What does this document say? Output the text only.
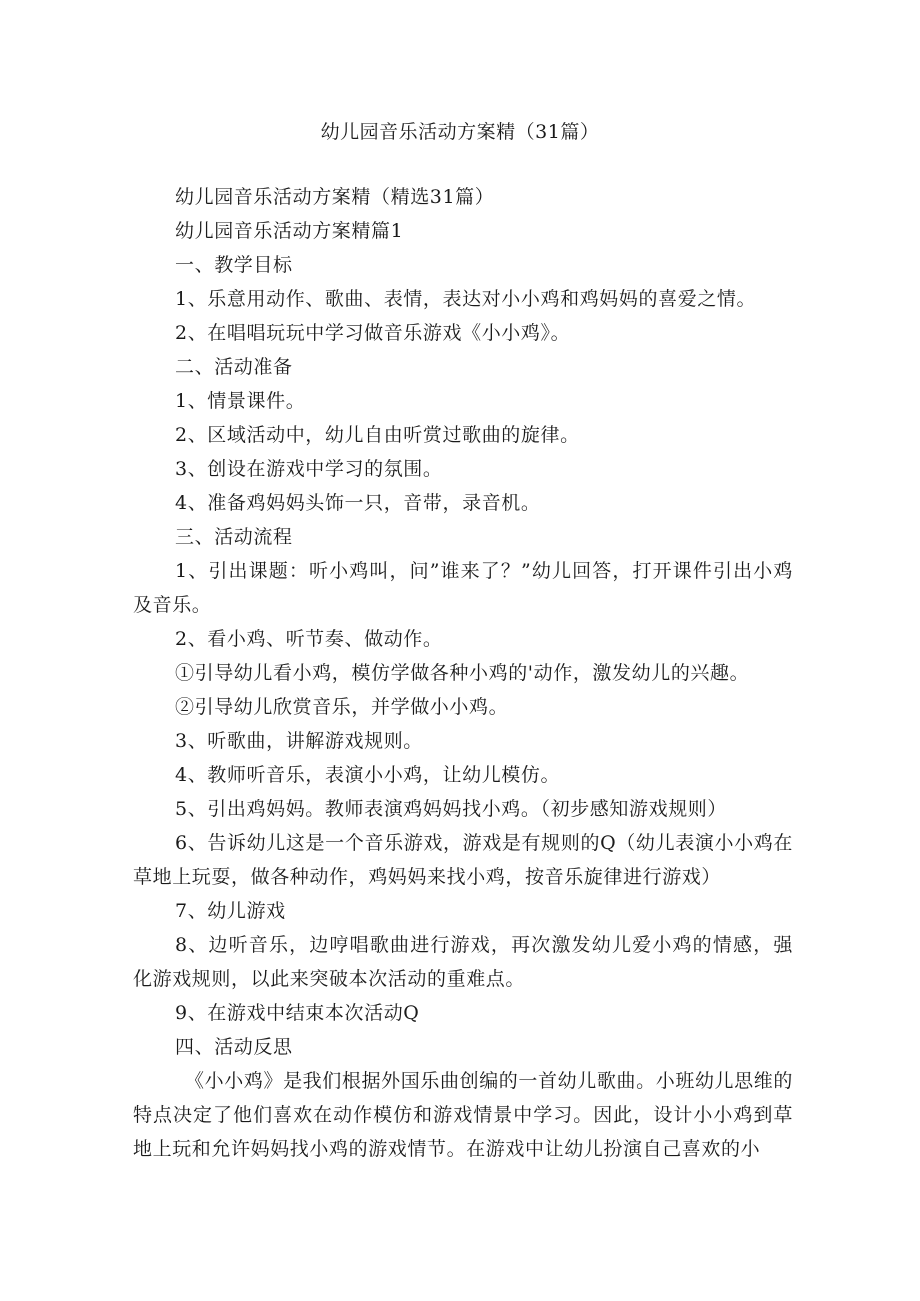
幼儿园音乐活动方案精（31篇）

幼儿园音乐活动方案精（精选31篇）

幼儿园音乐活动方案精篇1

一、教学目标

1、乐意用动作、歌曲、表情，表达对小小鸡和鸡妈妈的喜爱之情。

2、在唱唱玩玩中学习做音乐游戏《小小鸡》。

二、活动准备

1、情景课件。

2、区域活动中，幼儿自由听赏过歌曲的旋律。

3、创设在游戏中学习的氛围。

4、准备鸡妈妈头饰一只，音带，录音机。

三、活动流程

1、引出课题：听小鸡叫，问”谁来了？”幼儿回答，打开课件引出小鸡及音乐。

2、看小鸡、听节奏、做动作。

①引导幼儿看小鸡，模仿学做各种小鸡的'动作，激发幼儿的兴趣。

②引导幼儿欣赏音乐，并学做小小鸡。

3、听歌曲，讲解游戏规则。

4、教师听音乐，表演小小鸡，让幼儿模仿。

5、引出鸡妈妈。教师表演鸡妈妈找小鸡。（初步感知游戏规则）

6、告诉幼儿这是一个音乐游戏，游戏是有规则的Q（幼儿表演小小鸡在草地上玩耍，做各种动作，鸡妈妈来找小鸡，按音乐旋律进行游戏）

7、幼儿游戏

8、边听音乐，边哼唱歌曲进行游戏，再次激发幼儿爱小鸡的情感，强化游戏规则，以此来突破本次活动的重难点。

9、在游戏中结束本次活动Q

四、活动反思

《小小鸡》是我们根据外国乐曲创编的一首幼儿歌曲。小班幼儿思维的特点决定了他们喜欢在动作模仿和游戏情景中学习。因此，设计小小鸡到草地上玩和允许妈妈找小鸡的游戏情节。在游戏中让幼儿扮演自己喜欢的小
